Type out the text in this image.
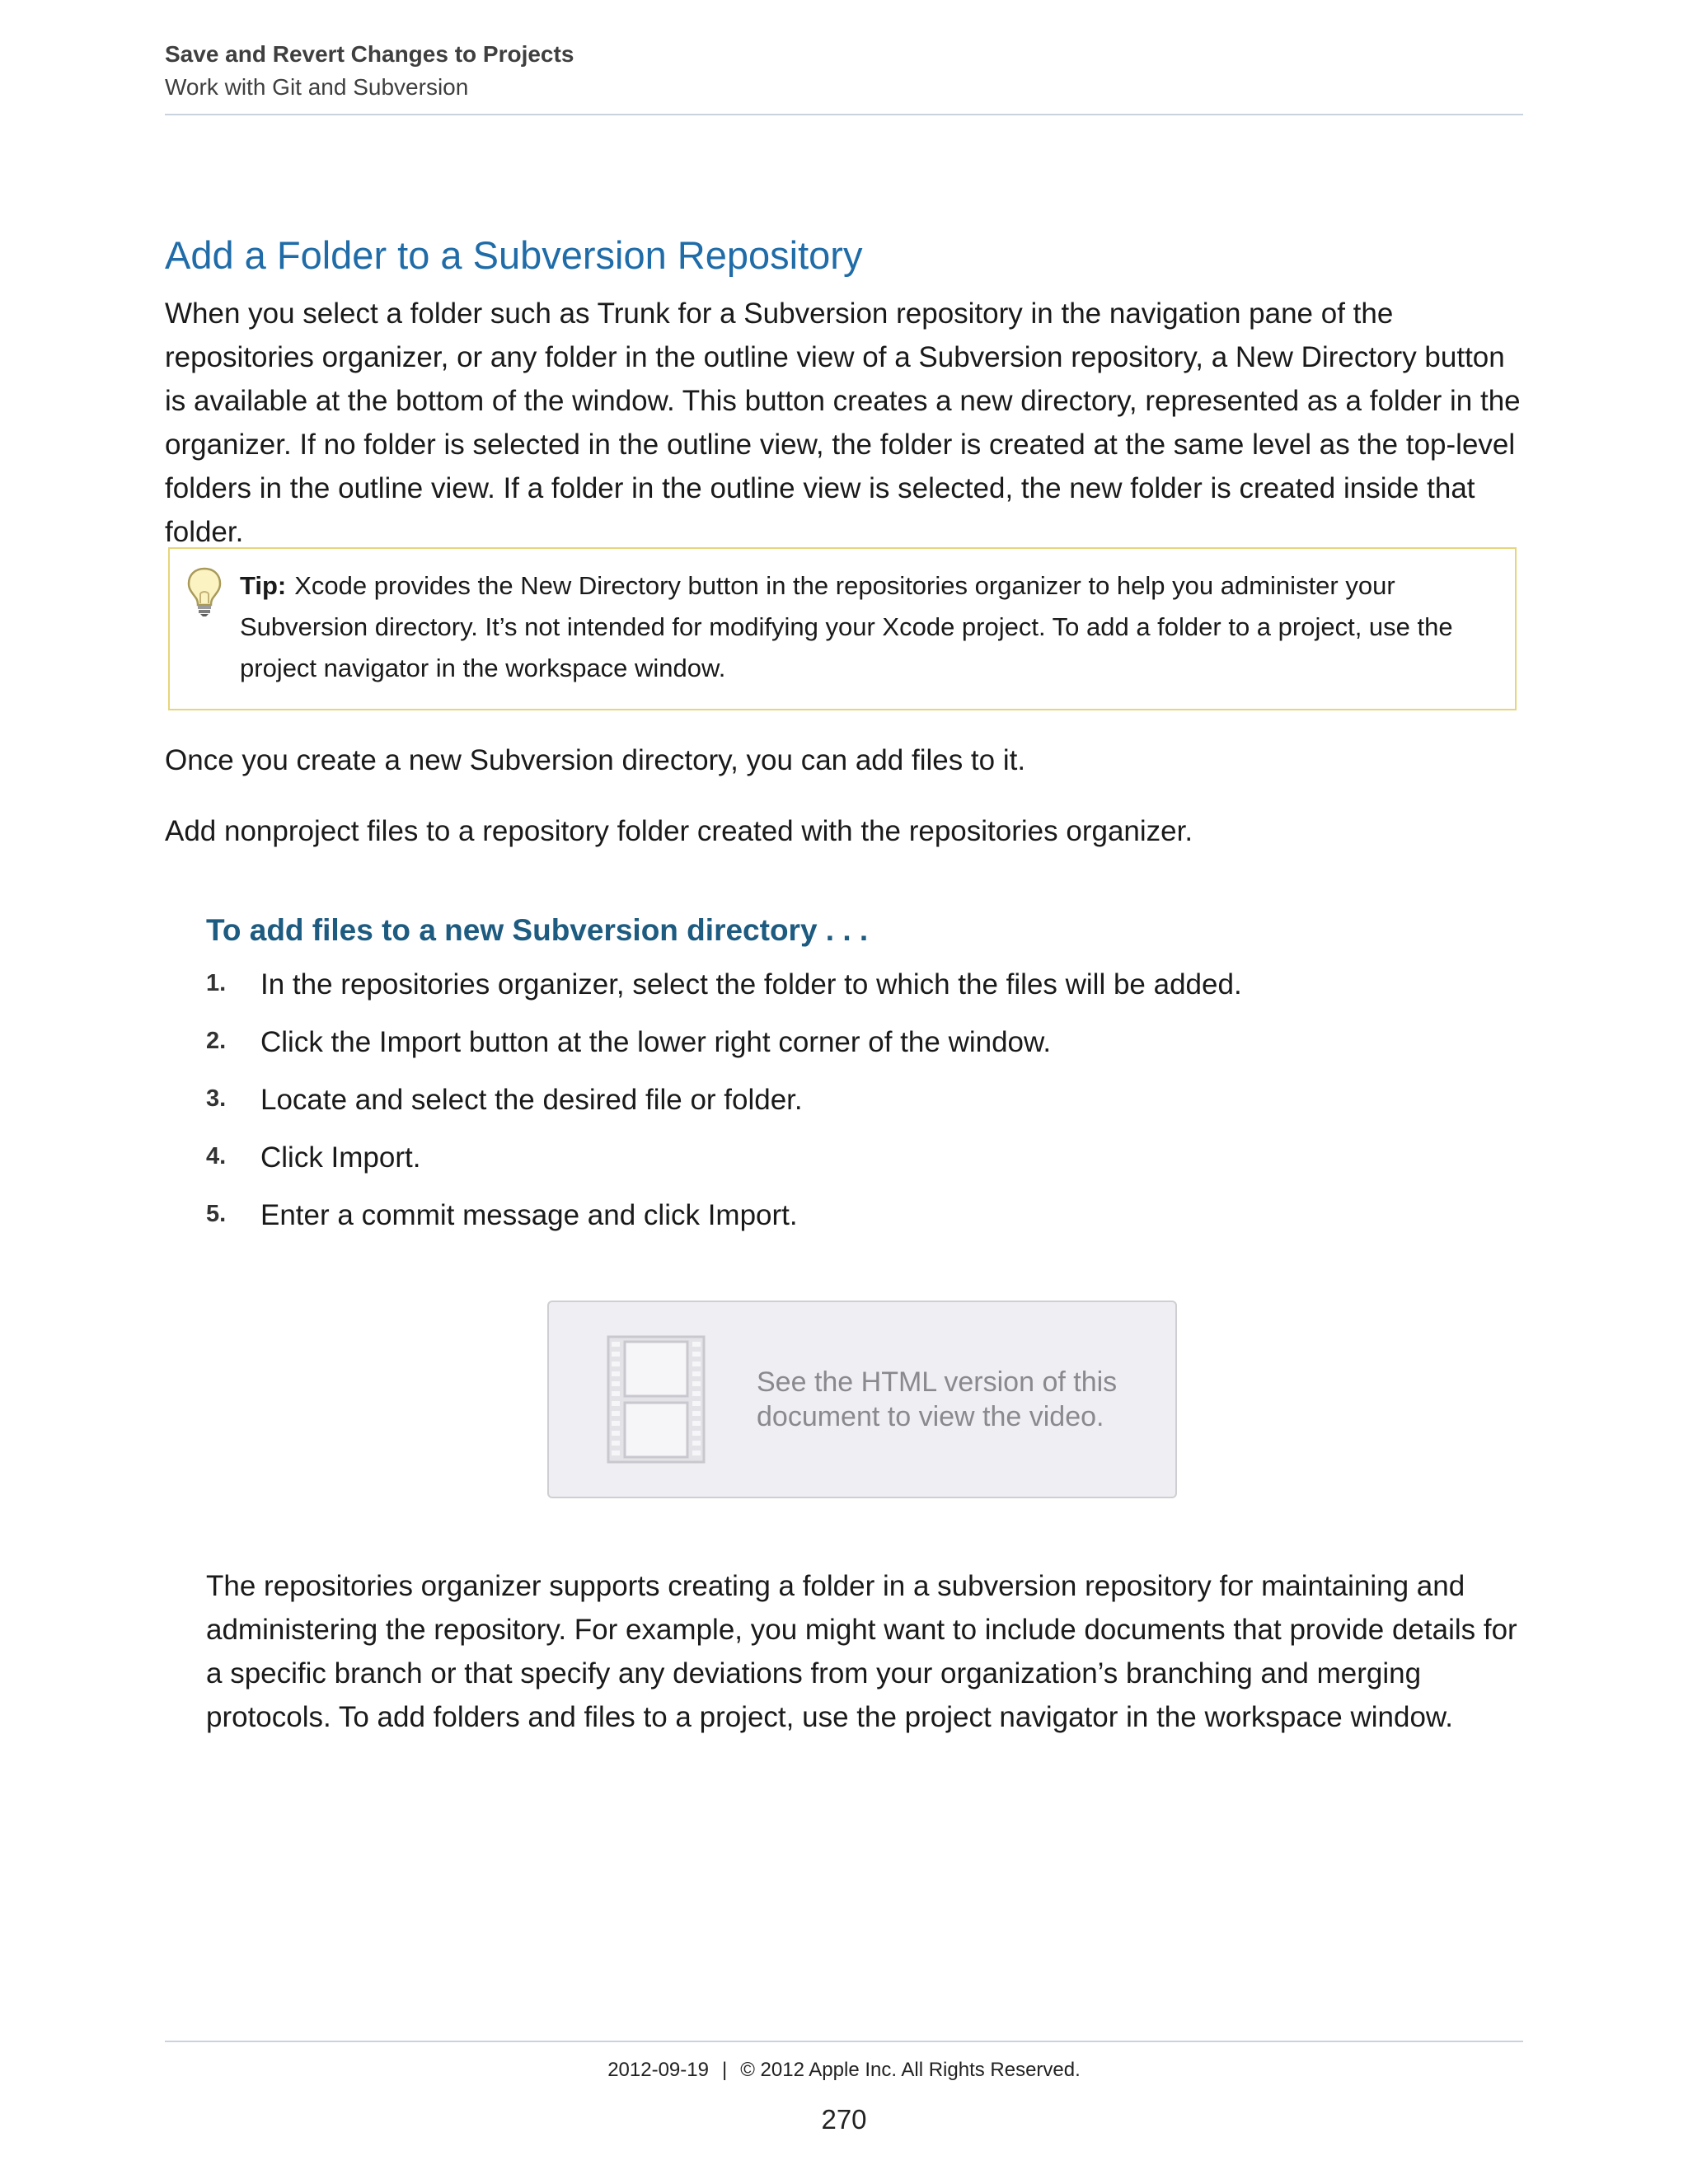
Save and Revert Changes to Projects
Work with Git and Subversion
Add a Folder to a Subversion Repository

When you select a folder such as Trunk for a Subversion repository in the navigation pane of the repositories organizer, or any folder in the outline view of a Subversion repository, a New Directory button is available at the bottom of the window. This button creates a new directory, represented as a folder in the organizer. If no folder is selected in the outline view, the folder is created at the same level as the top-level folders in the outline view. If a folder in the outline view is selected, the new folder is created inside that folder.

Tip: Xcode provides the New Directory button in the repositories organizer to help you administer your Subversion directory. It’s not intended for modifying your Xcode project. To add a folder to a project, use the project navigator in the workspace window.

Once you create a new Subversion directory, you can add files to it.

Add nonproject files to a repository folder created with the repositories organizer.

To add files to a new Subversion directory . . .
1. In the repositories organizer, select the folder to which the files will be added.
2. Click the Import button at the lower right corner of the window.
3. Locate and select the desired file or folder.
4. Click Import.
5. Enter a commit message and click Import.
See the HTML version of this
document to view the video.

The repositories organizer supports creating a folder in a subversion repository for maintaining and administering the repository. For example, you might want to include documents that provide details for a specific branch or that specify any deviations from your organization’s branching and merging protocols. To add folders and files to a project, use the project navigator in the workspace window.

2012-09-19 | © 2012 Apple Inc. All Rights Reserved.
270
